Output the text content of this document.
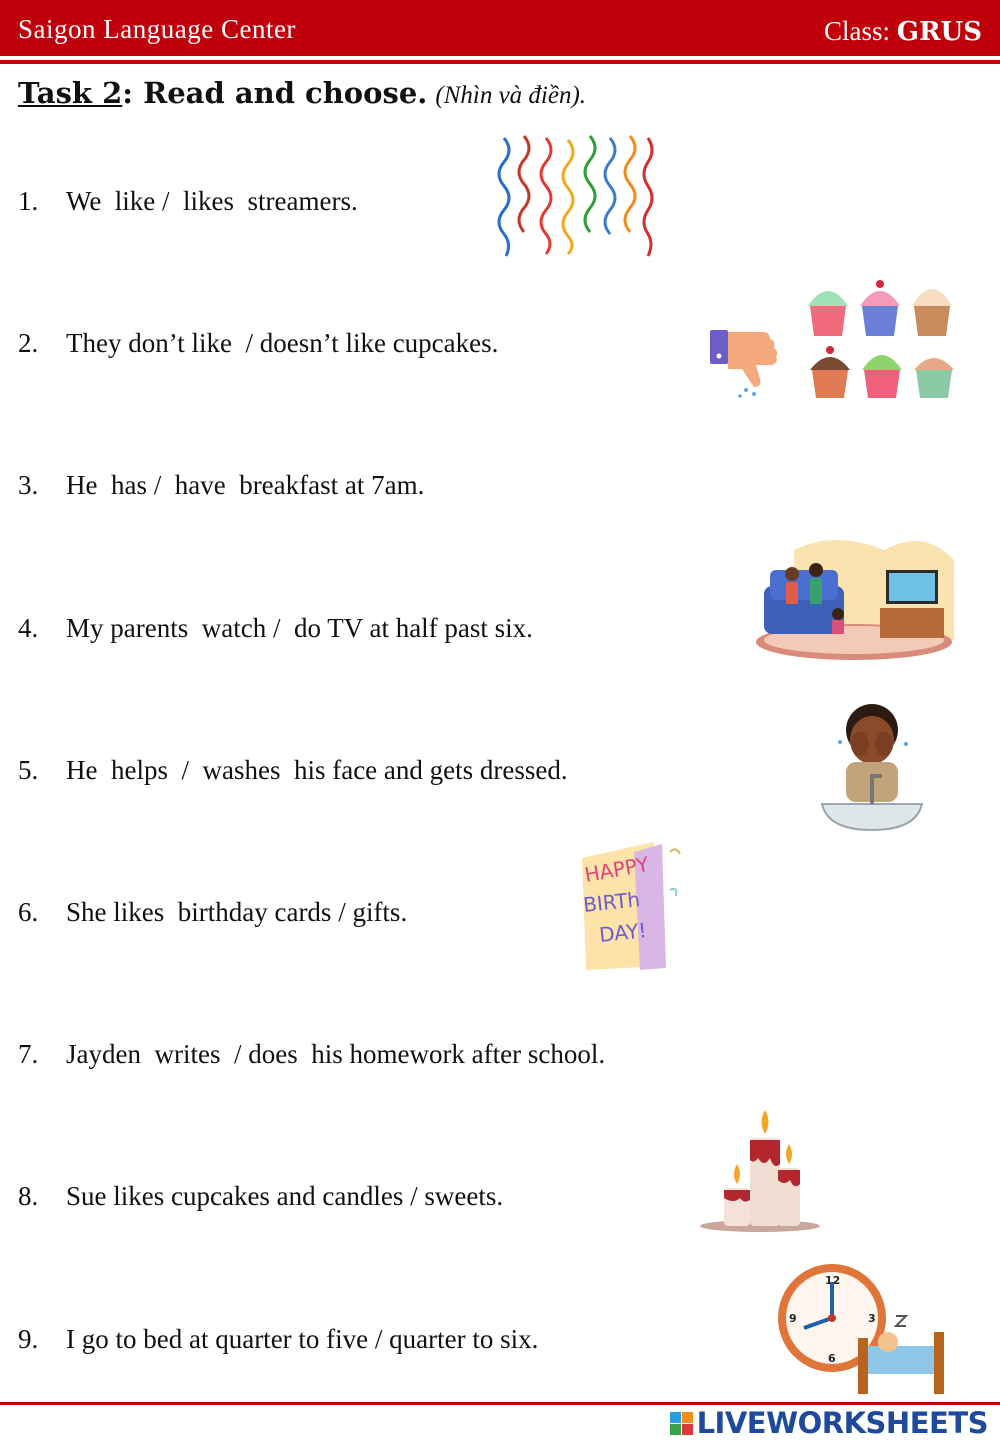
Saigon Language Center	Class: GRUS
Task 2: Read and choose. (Nhìn và điền).
1. We  like /  likes  streamers.
2. They don’t like  / doesn’t like cupcakes.
3. He  has /  have  breakfast at 7am.
4. My parents  watch /  do TV at half past six.
5. He  helps  /  washes  his face and gets dressed.
6. She likes  birthday cards / gifts.
7. Jayden  writes  / does  his homework after school.
8. Sue likes cupcakes and candles / sweets.
9. I go to bed at quarter to five / quarter to six.
HAPPY
BIRTh
DAY!
12
3
6
9
LIVEWORKSHEETS
